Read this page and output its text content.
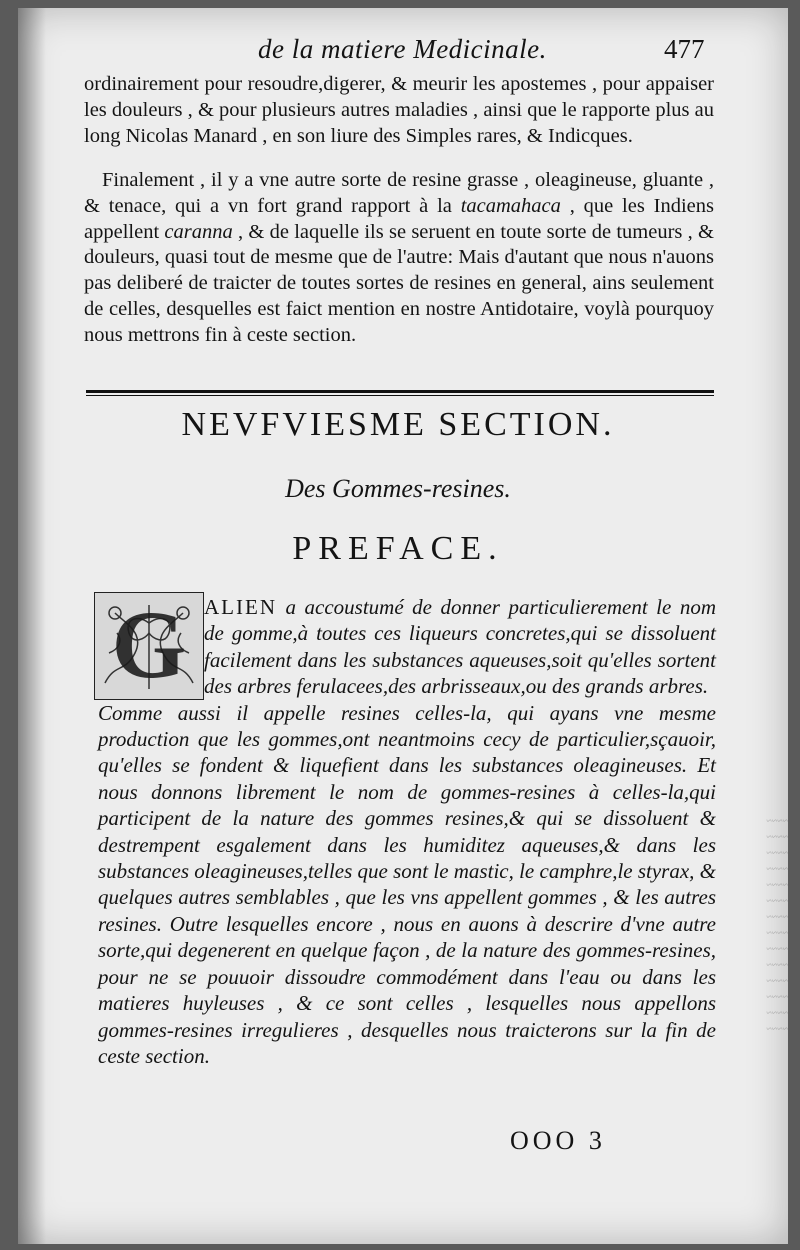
de la matiere Medicinale.	477

ordinairement pour resoudre,digerer, & meurir les apostemes , pour appaiser les douleurs , & pour plusieurs autres maladies , ainsi que le rapporte plus au long Nicolas Manard , en son liure des Simples rares, & Indicques.

Finalement , il y a vne autre sorte de resine grasse , oleagineuse, gluante , & tenace, qui a vn fort grand rapport à la tacamahaca , que les Indiens appellent caranna , & de laquelle ils se seruent en toute sorte de tumeurs , & douleurs, quasi tout de mesme que de l'autre: Mais d'autant que nous n'auons pas deliberé de traicter de toutes sortes de resines en general, ains seulement de celles, desquelles est faict mention en nostre Antidotaire, voylà pourquoy nous mettrons fin à ceste section.

NEVFVIESME SECTION.
Des Gommes-resines.
PREFACE.
G ALIEN a accoustumé de donner particulierement le nom de gomme,à toutes ces liqueurs concretes,qui se dissoluent facilement dans les substances aqueuses,soit qu'elles sortent des arbres ferulacees,des arbrisseaux,ou des grands arbres.
Comme aussi il appelle resines celles-la, qui ayans vne mesme production que les gommes,ont neantmoins cecy de particulier,sçauoir, qu'elles se fondent & liquefient dans les substances oleagineuses. Et nous donnons librement le nom de gommes-resines à celles-la,qui participent de la nature des gommes resines,& qui se dissoluent & destrempent esgalement dans les humiditez aqueuses,& dans les substances oleagineuses,telles que sont le mastic, le camphre,le styrax, & quelques autres semblables , que les vns appellent gommes , & les autres resines. Outre lesquelles encore , nous en auons à descrire d'vne autre sorte,qui degenerent en quelque façon , de la nature des gommes-resines, pour ne se pouuoir dissoudre commodément dans l'eau ou dans les matieres huyleuses , & ce sont celles , lesquelles nous appellons gommes-resines irregulieres , desquelles nous traicterons sur la fin de ceste section.
OOO 3
~~~~
~~~~
~~~~
~~~~
~~~~
~~~~
~~~~
~~~~
~~~~
~~~~
~~~~
~~~~
~~~~
~~~~
